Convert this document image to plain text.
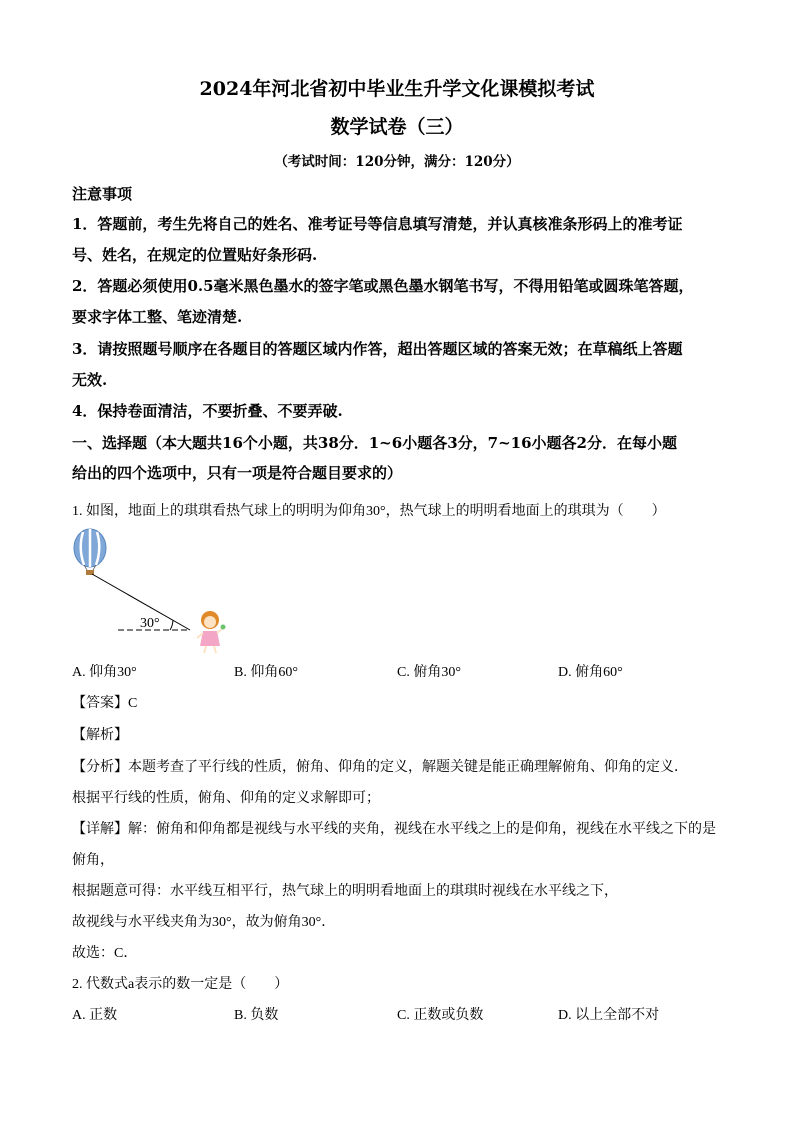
2024年河北省初中毕业生升学文化课模拟考试
数学试卷（三）
（考试时间：120分钟，满分：120分）
注意事项
1．答题前，考生先将自己的姓名、准考证号等信息填写清楚，并认真核准条形码上的准考证
号、姓名，在规定的位置贴好条形码.
2．答题必须使用0.5毫米黑色墨水的签字笔或黑色墨水钢笔书写，不得用铅笔或圆珠笔答题，
要求字体工整、笔迹清楚.
3．请按照题号顺序在各题目的答题区域内作答，超出答题区域的答案无效；在草稿纸上答题
无效.
4．保持卷面清洁，不要折叠、不要弄破.
一、选择题（本大题共16个小题，共38分．1~6小题各3分，7~16小题各2分．在每小题
给出的四个选项中，只有一项是符合题目要求的）
1. 如图，地面上的琪琪看热气球上的明明为仰角30°，热气球上的明明看地面上的琪琪为（　　）
30°
A. 仰角30°	B. 仰角60°	C. 俯角30°	D. 俯角60°
【答案】C
【解析】
【分析】本题考查了平行线的性质，俯角、仰角的定义，解题关键是能正确理解俯角、仰角的定义．
根据平行线的性质，俯角、仰角的定义求解即可；
【详解】解：俯角和仰角都是视线与水平线的夹角，视线在水平线之上的是仰角，视线在水平线之下的是
俯角，
根据题意可得：水平线互相平行，热气球上的明明看地面上的琪琪时视线在水平线之下，
故视线与水平线夹角为30°，故为俯角30°．
故选：C．
2. 代数式a表示的数一定是（　　）
A. 正数	B. 负数	C. 正数或负数	D. 以上全部不对
